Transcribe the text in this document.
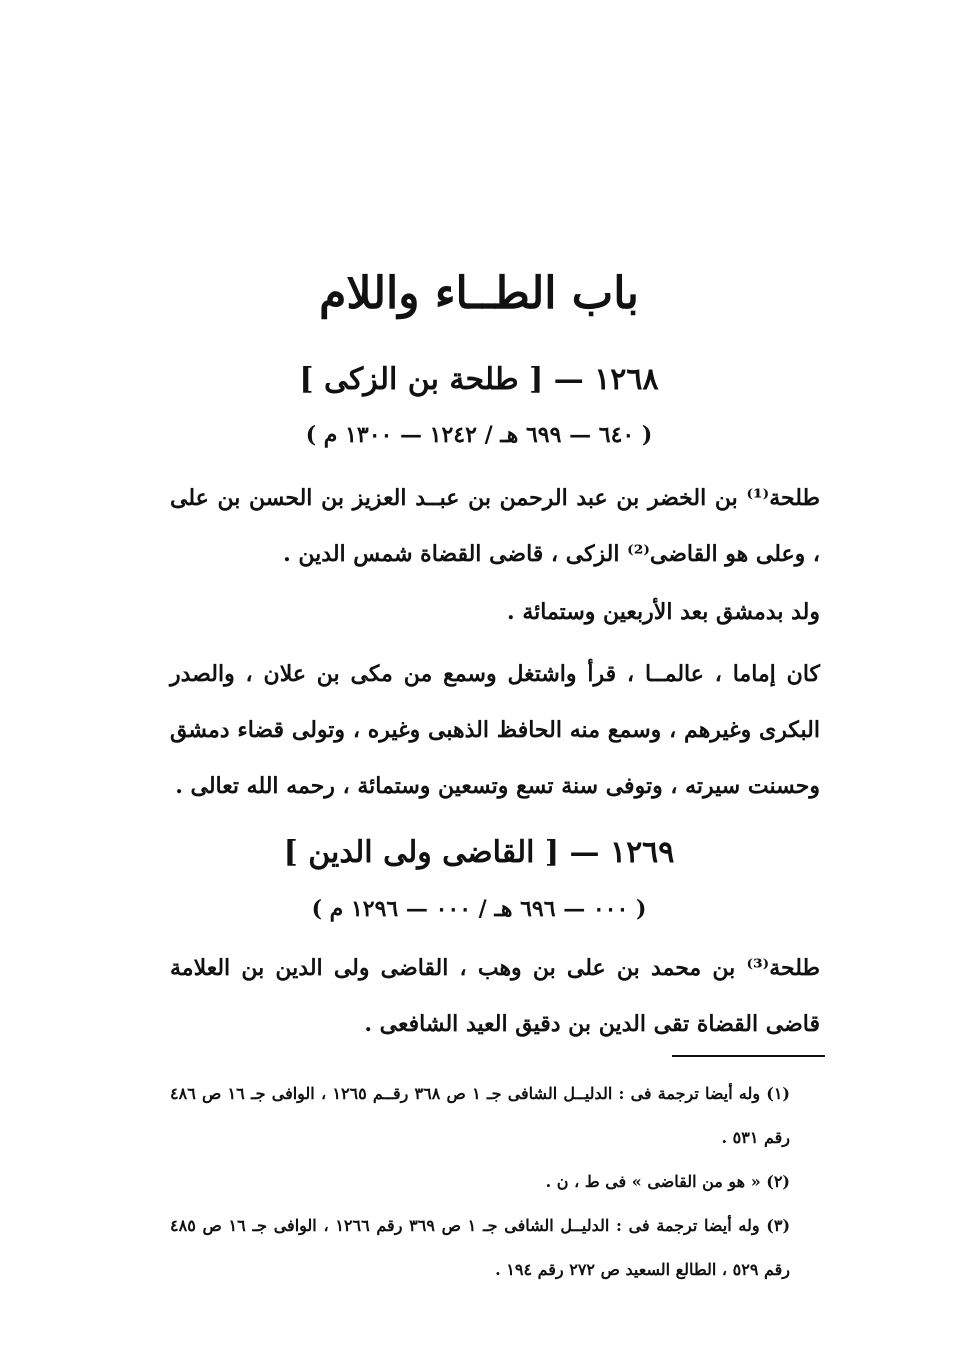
باب الطــاء واللام
١٢٦٨ — [ طلحة بن الزكى ]
( ٦٤٠ — ٦٩٩ هـ / ١٢٤٢ — ١٣٠٠ م )
طلحة⁽¹⁾ بن الخضر بن عبد الرحمن بن عبــد العزيز بن الحسن بن على ، وعلى هو القاضى⁽²⁾ الزكى ، قاضى القضاة شمس الدين .
ولد بدمشق بعد الأربعين وستمائة .
كان إماما ، عالمــا ، قرأ واشتغل وسمع من مكى بن علان ، والصدر البكرى وغيرهم ، وسمع منه الحافظ الذهبى وغيره ، وتولى قضاء دمشق وحسنت سيرته ، وتوفى سنة تسع وتسعين وستمائة ، رحمه الله تعالى .
١٢٦٩ — [ القاضى ولى الدين ]
( ٠٠٠ — ٦٩٦ هـ / ٠٠٠ — ١٢٩٦ م )
طلحة⁽³⁾ بن محمد بن على بن وهب ، القاضى ولى الدين بن العلامة قاضى القضاة تقى الدين بن دقيق العيد الشافعى .
(١) وله أيضا ترجمة فى : الدليــل الشافى جـ ١ ص ٣٦٨ رقــم ١٢٦٥ ، الوافى جـ ١٦ ص ٤٨٦ رقم ٥٣١ .
(٢) « هو من القاضى » فى ط ، ن .
(٣) وله أيضا ترجمة فى : الدليــل الشافى جـ ١ ص ٣٦٩ رقم ١٢٦٦ ، الوافى جـ ١٦ ص ٤٨٥ رقم ٥٢٩ ، الطالع السعيد ص ٢٧٢ رقم ١٩٤ .
